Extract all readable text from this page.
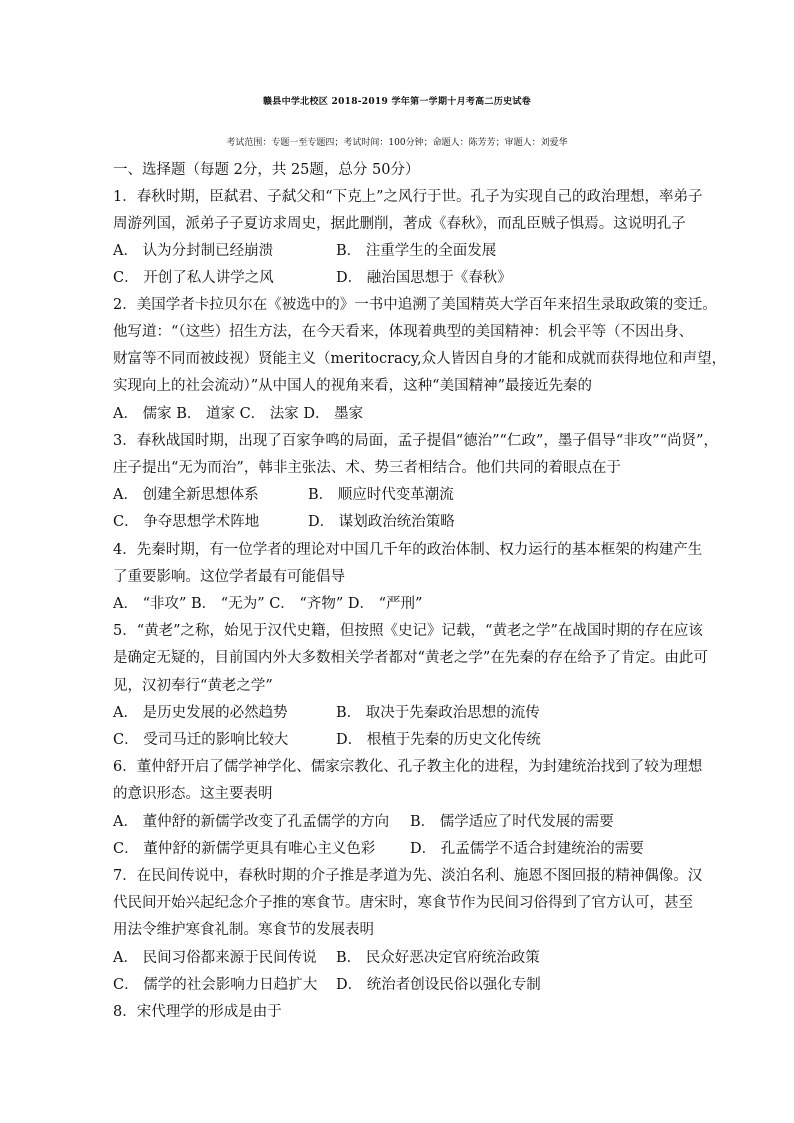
赣县中学北校区 2018-2019 学年第一学期十月考高二历史试卷
考试范围：专题一至专题四；考试时间：100分钟；命题人：陈芳芳；审题人：刘爱华
一、选择题（每题 2分，共 25题，总分 50分）
1．春秋时期，臣弑君、子弑父和“下克上”之风行于世。孔子为实现自己的政治理想，率弟子
周游列国，派弟子子夏访求周史，据此删削，著成《春秋》，而乱臣贼子惧焉。这说明孔子
A． 认为分封制已经崩溃	B． 注重学生的全面发展
C． 开创了私人讲学之风	D． 融治国思想于《春秋》
2．美国学者卡拉贝尔在《被选中的》一书中追溯了美国精英大学百年来招生录取政策的变迁。
他写道：“（这些）招生方法，在今天看来，体现着典型的美国精神：机会平等（不因出身、
财富等不同而被歧视）贤能主义（meritocracy,众人皆因自身的才能和成就而获得地位和声望，
实现向上的社会流动）”从中国人的视角来看，这种“美国精神”最接近先秦的
A． 儒家 B． 道家 C． 法家 D． 墨家
3．春秋战国时期，出现了百家争鸣的局面，孟子提倡“德治”“仁政”，墨子倡导“非攻”“尚贤”，
庄子提出“无为而治”，韩非主张法、术、势三者相结合。他们共同的着眼点在于
A． 创建全新思想体系	B． 顺应时代变革潮流
C． 争夺思想学术阵地	D． 谋划政治统治策略
4．先秦时期，有一位学者的理论对中国几千年的政治体制、权力运行的基本框架的构建产生
了重要影响。这位学者最有可能倡导
A． “非攻” B． “无为” C． “齐物” D． “严刑”
5．“黄老”之称，始见于汉代史籍，但按照《史记》记载，“黄老之学”在战国时期的存在应该
是确定无疑的，目前国内外大多数相关学者都对“黄老之学”在先秦的存在给予了肯定。由此可
见，汉初奉行“黄老之学”
A． 是历史发展的必然趋势	B． 取决于先秦政治思想的流传
C． 受司马迁的影响比较大	D． 根植于先秦的历史文化传统
6．董仲舒开启了儒学神学化、儒家宗教化、孔子教主化的进程，为封建统治找到了较为理想
的意识形态。这主要表明
A． 董仲舒的新儒学改变了孔孟儒学的方向 B． 儒学适应了时代发展的需要
C． 董仲舒的新儒学更具有唯心主义色彩 D． 孔孟儒学不适合封建统治的需要
7．在民间传说中，春秋时期的介子推是孝道为先、淡泊名利、施恩不图回报的精神偶像。汉
代民间开始兴起纪念介子推的寒食节。唐宋时，寒食节作为民间习俗得到了官方认可，甚至
用法令维护寒食礼制。寒食节的发展表明
A． 民间习俗都来源于民间传说 B． 民众好恶决定官府统治政策
C． 儒学的社会影响力日趋扩大 D． 统治者创设民俗以强化专制
8．宋代理学的形成是由于
